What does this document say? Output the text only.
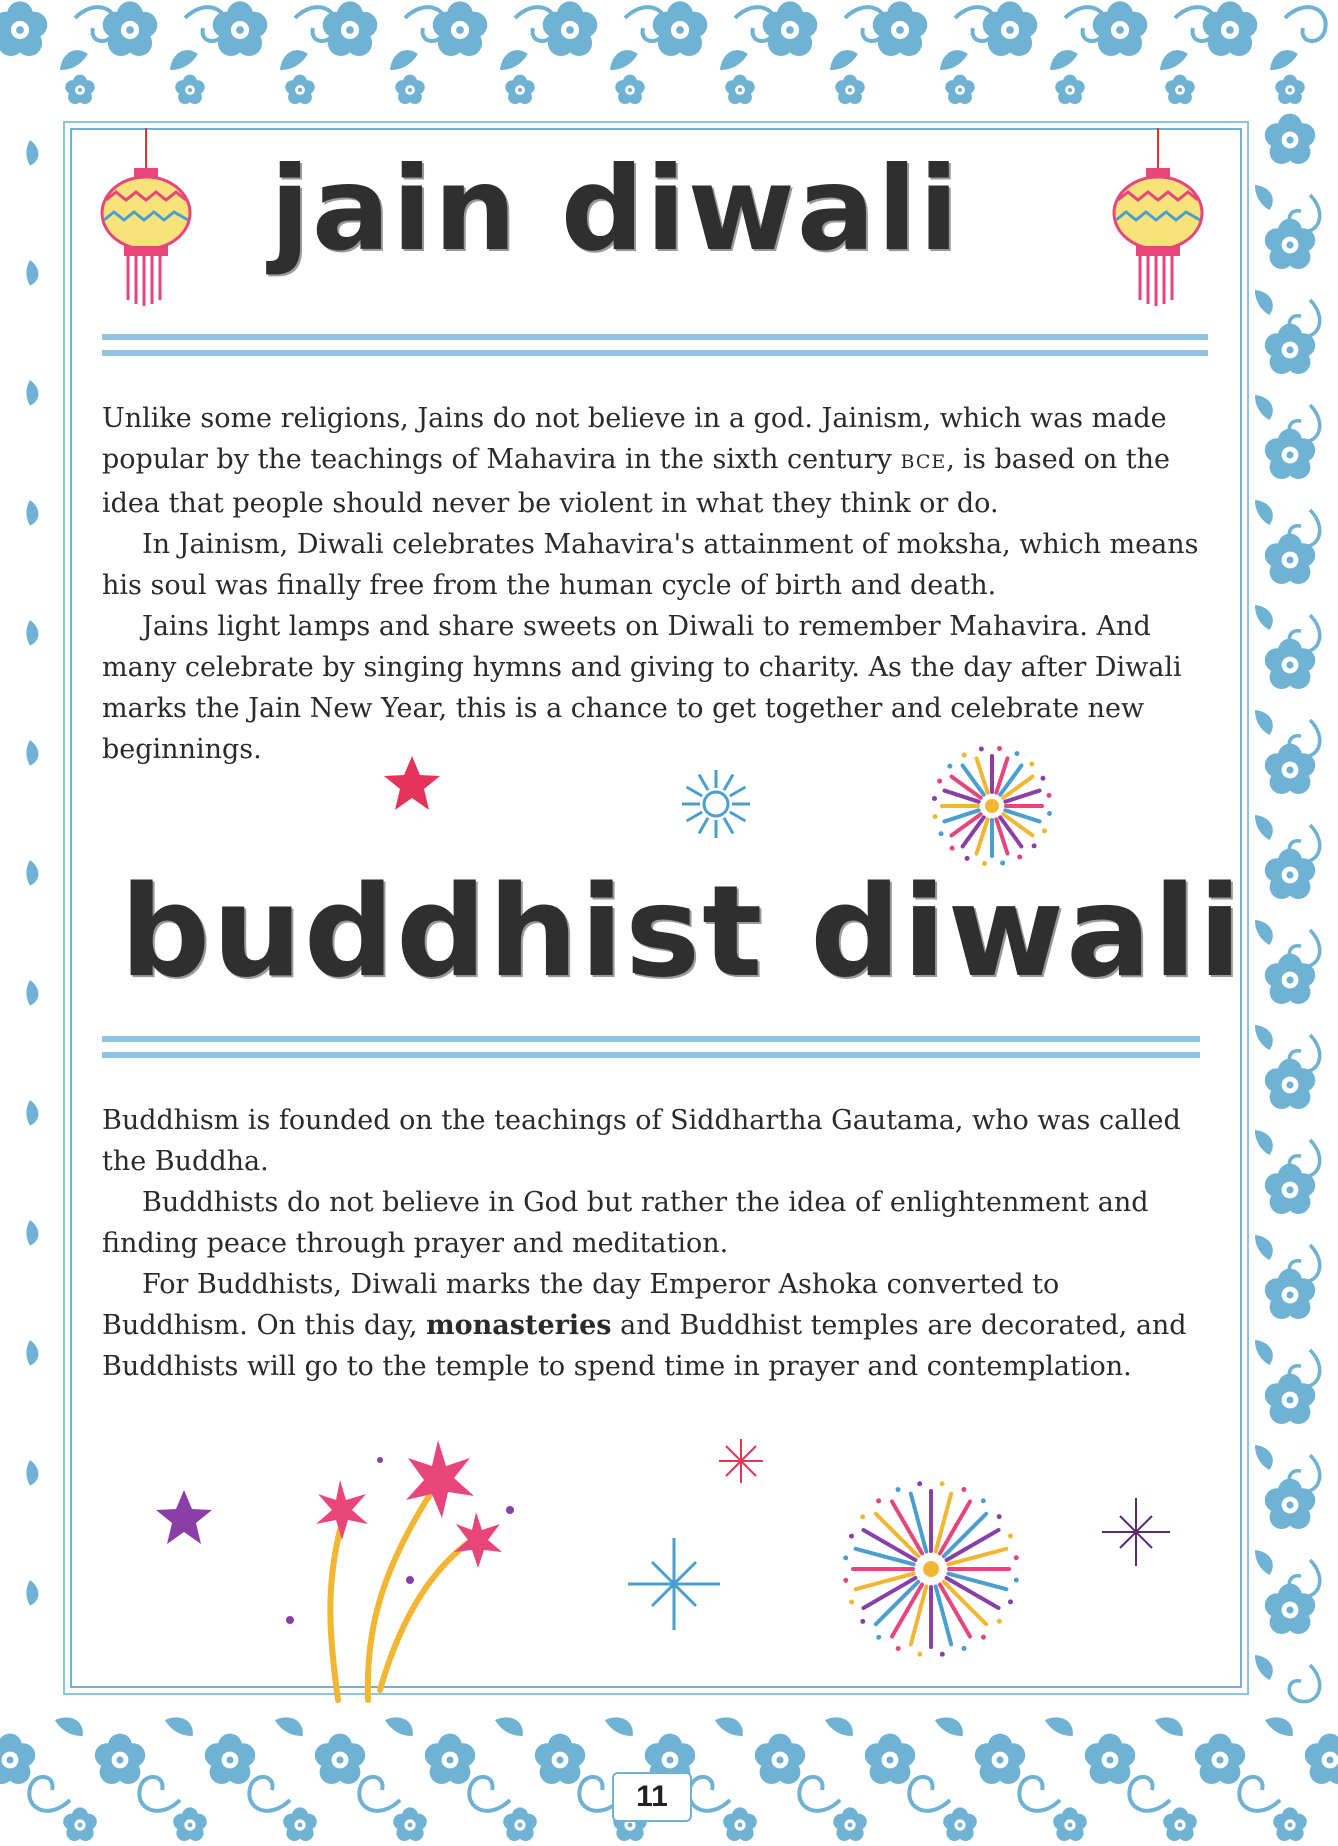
jain diwali

Unlike some religions, Jains do not believe in a god. Jainism, which was made popular by the teachings of Mahavira in the sixth century BCE, is based on the idea that people should never be violent in what they think or do.

In Jainism, Diwali celebrates Mahavira's attainment of moksha, which means his soul was finally free from the human cycle of birth and death.

Jains light lamps and share sweets on Diwali to remember Mahavira. And many celebrate by singing hymns and giving to charity. As the day after Diwali marks the Jain New Year, this is a chance to get together and celebrate new beginnings.

buddhist diwali

Buddhism is founded on the teachings of Siddhartha Gautama, who was called the Buddha.

Buddhists do not believe in God but rather the idea of enlightenment and finding peace through prayer and meditation.

For Buddhists, Diwali marks the day Emperor Ashoka converted to Buddhism. On this day, monasteries and Buddhist temples are decorated, and Buddhists will go to the temple to spend time in prayer and contemplation.

11
